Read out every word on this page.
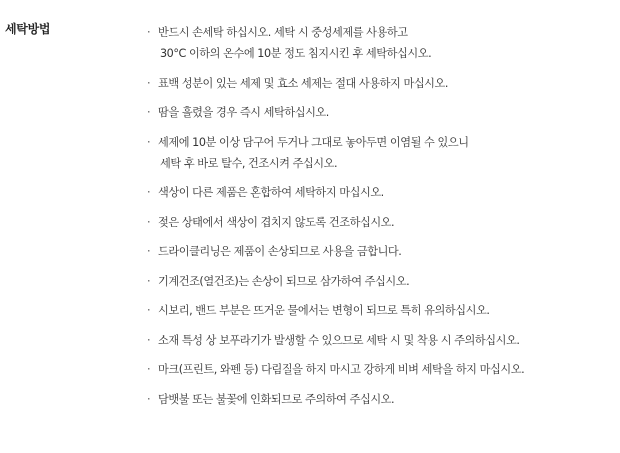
세탁방법	· 반드시 손세탁 하십시오. 세탁 시 중성세제를 사용하고
30°C 이하의 온수에 10분 정도 침지시킨 후 세탁하십시오.
· 표백 성분이 있는 세제 및 효소 세제는 절대 사용하지 마십시오.
· 땀을 흘렸을 경우 즉시 세탁하십시오.
· 세제에 10분 이상 담구어 두거나 그대로 놓아두면 이염될 수 있으니
세탁 후 바로 탈수, 건조시켜 주십시오.
· 색상이 다른 제품은 혼합하여 세탁하지 마십시오.
· 젖은 상태에서 색상이 겹치지 않도록 건조하십시오.
· 드라이클리닝은 제품이 손상되므로 사용을 금합니다.
· 기계건조(열건조)는 손상이 되므로 삼가하여 주십시오.
· 시보리, 밴드 부분은 뜨거운 물에서는 변형이 되므로 특히 유의하십시오.
· 소재 특성 상 보푸라기가 발생할 수 있으므로 세탁 시 및 착용 시 주의하십시오.
· 마크(프린트, 와펜 등) 다림질을 하지 마시고 강하게 비벼 세탁을 하지 마십시오.
· 담뱃불 또는 불꽃에 인화되므로 주의하여 주십시오.
